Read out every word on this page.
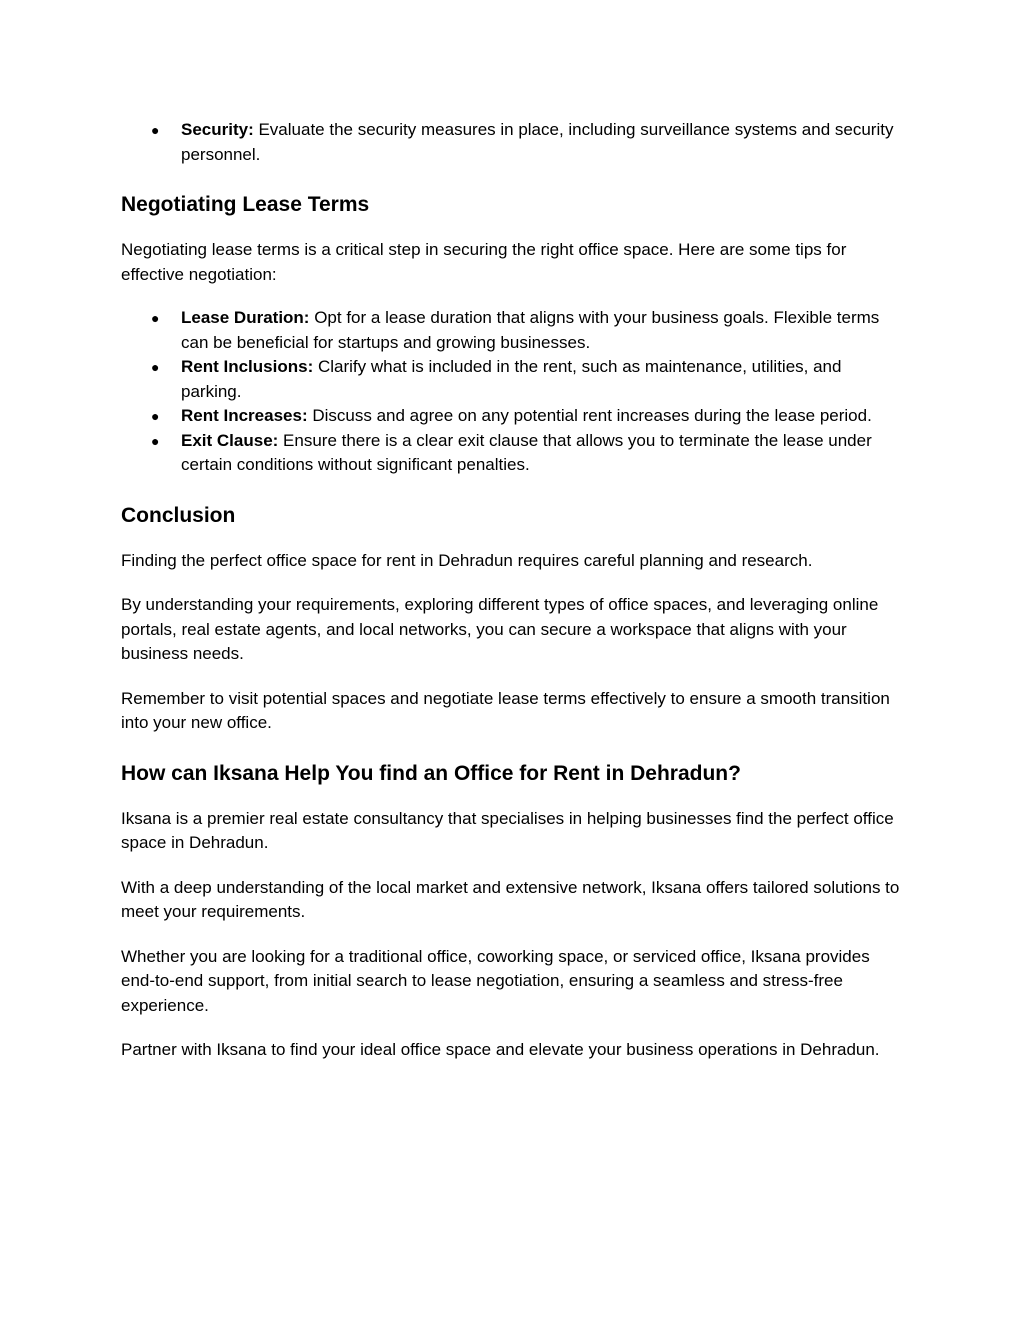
● Security: Evaluate the security measures in place, including surveillance systems and security personnel.
Negotiating Lease Terms

Negotiating lease terms is a critical step in securing the right office space. Here are some tips for effective negotiation:

● Lease Duration: Opt for a lease duration that aligns with your business goals. Flexible terms can be beneficial for startups and growing businesses.
● Rent Inclusions: Clarify what is included in the rent, such as maintenance, utilities, and parking.
● Rent Increases: Discuss and agree on any potential rent increases during the lease period.
● Exit Clause: Ensure there is a clear exit clause that allows you to terminate the lease under certain conditions without significant penalties.
Conclusion

Finding the perfect office space for rent in Dehradun requires careful planning and research.

By understanding your requirements, exploring different types of office spaces, and leveraging online portals, real estate agents, and local networks, you can secure a workspace that aligns with your business needs.

Remember to visit potential spaces and negotiate lease terms effectively to ensure a smooth transition into your new office.

How can Iksana Help You find an Office for Rent in Dehradun?

Iksana is a premier real estate consultancy that specialises in helping businesses find the perfect office space in Dehradun.

With a deep understanding of the local market and extensive network, Iksana offers tailored solutions to meet your requirements.

Whether you are looking for a traditional office, coworking space, or serviced office, Iksana provides end-to-end support, from initial search to lease negotiation, ensuring a seamless and stress-free experience.

Partner with Iksana to find your ideal office space and elevate your business operations in Dehradun.
